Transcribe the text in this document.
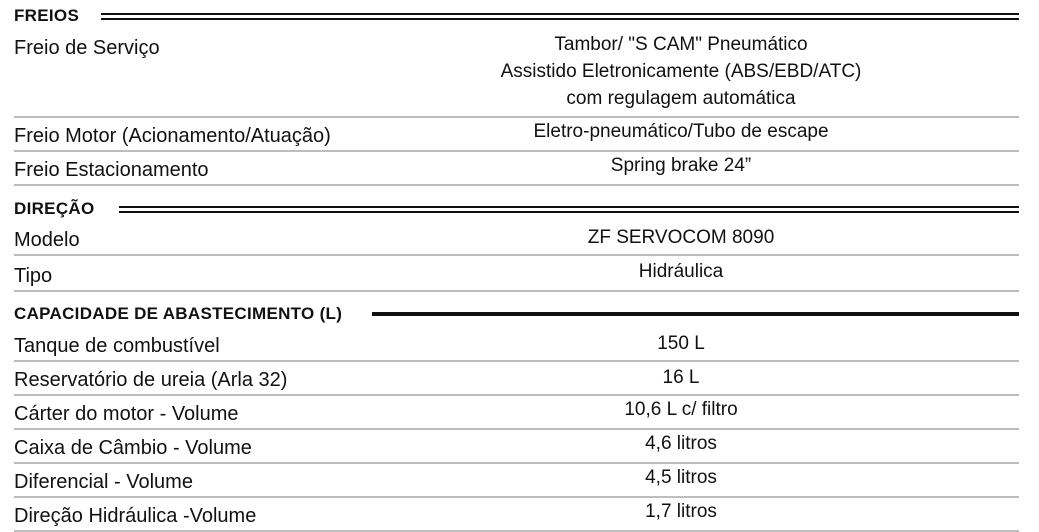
FREIOS
Freio de Serviço	Tambor/ "S CAM" Pneumático
Assistido Eletronicamente (ABS/EBD/ATC)
com regulagem automática
Freio Motor (Acionamento/Atuação)	Eletro-pneumático/Tubo de escape
Freio Estacionamento	Spring brake 24”
DIREÇÃO
Modelo	ZF SERVOCOM 8090
Tipo	Hidráulica
CAPACIDADE DE ABASTECIMENTO (L)
Tanque de combustível	150 L
Reservatório de ureia (Arla 32)	16 L
Cárter do motor - Volume	10,6 L c/ filtro
Caixa de Câmbio - Volume	4,6 litros
Diferencial - Volume	4,5 litros
Direção Hidráulica -Volume	1,7 litros
